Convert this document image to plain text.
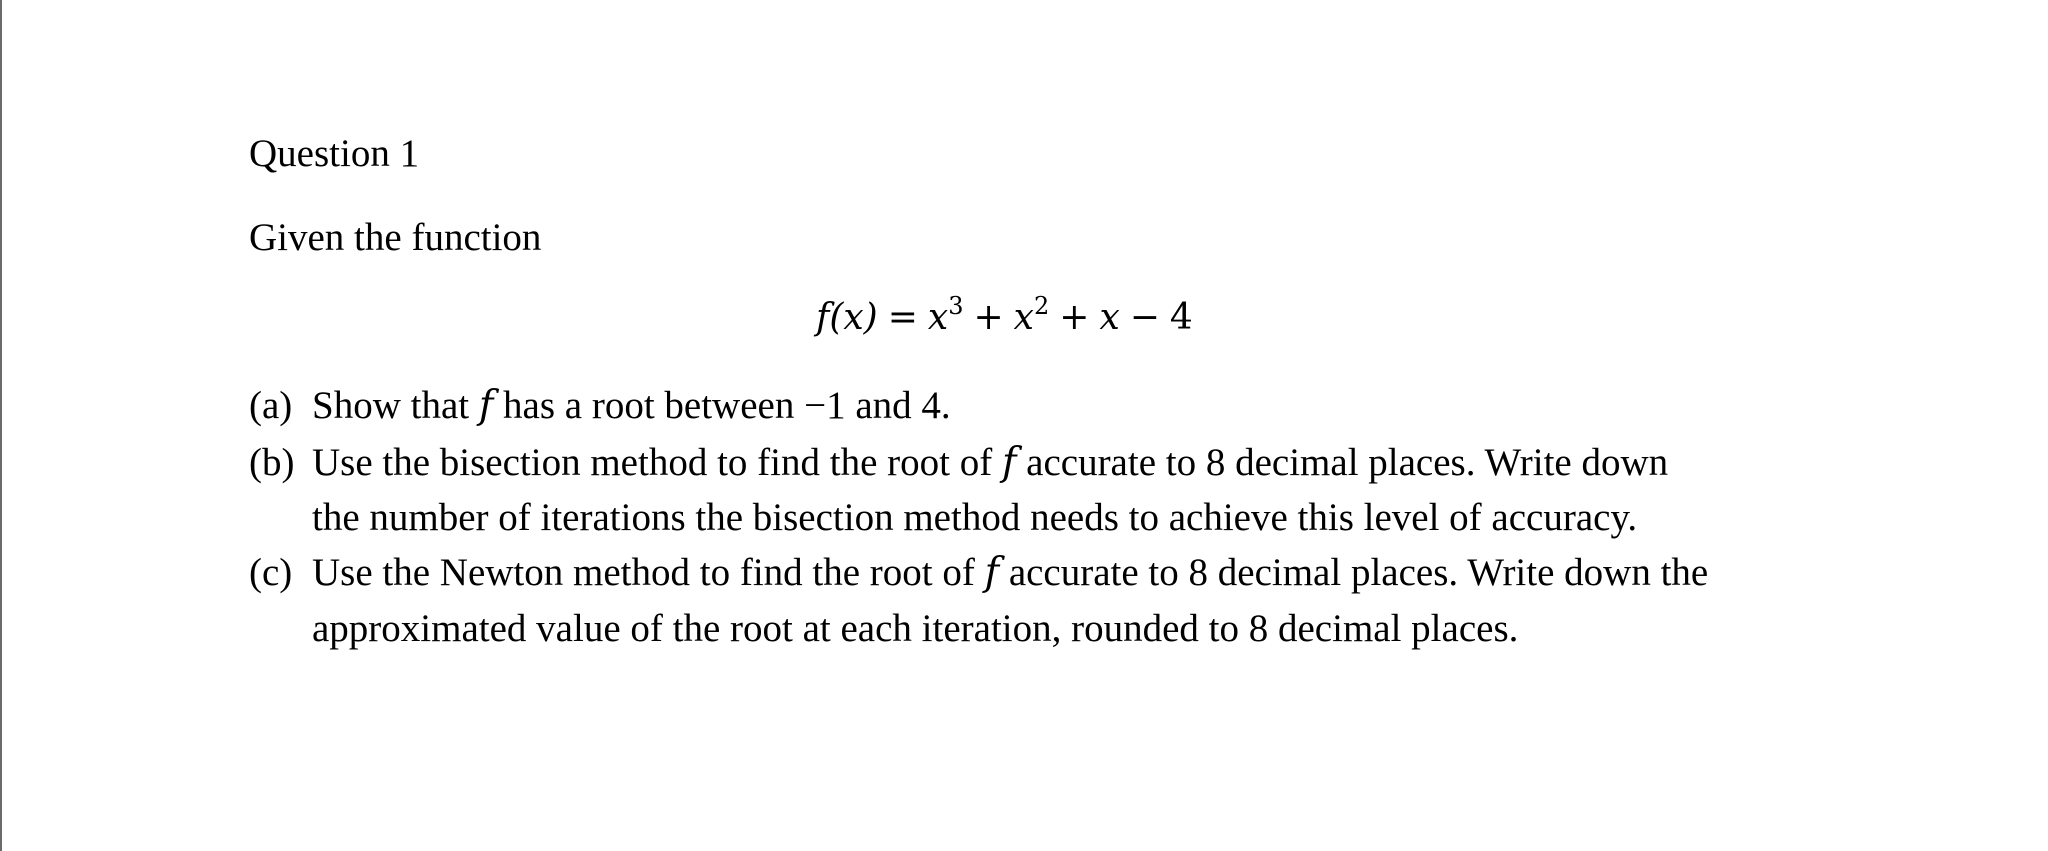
Question 1
Given the function
$f(x) = x^3 + x^2 + x - 4$
(a) Show that f has a root between −1 and 4.
(b) Use the bisection method to find the root of f accurate to 8 decimal places. Write down
the number of iterations the bisection method needs to achieve this level of accuracy.
(c) Use the Newton method to find the root of f accurate to 8 decimal places. Write down the
approximated value of the root at each iteration, rounded to 8 decimal places.
